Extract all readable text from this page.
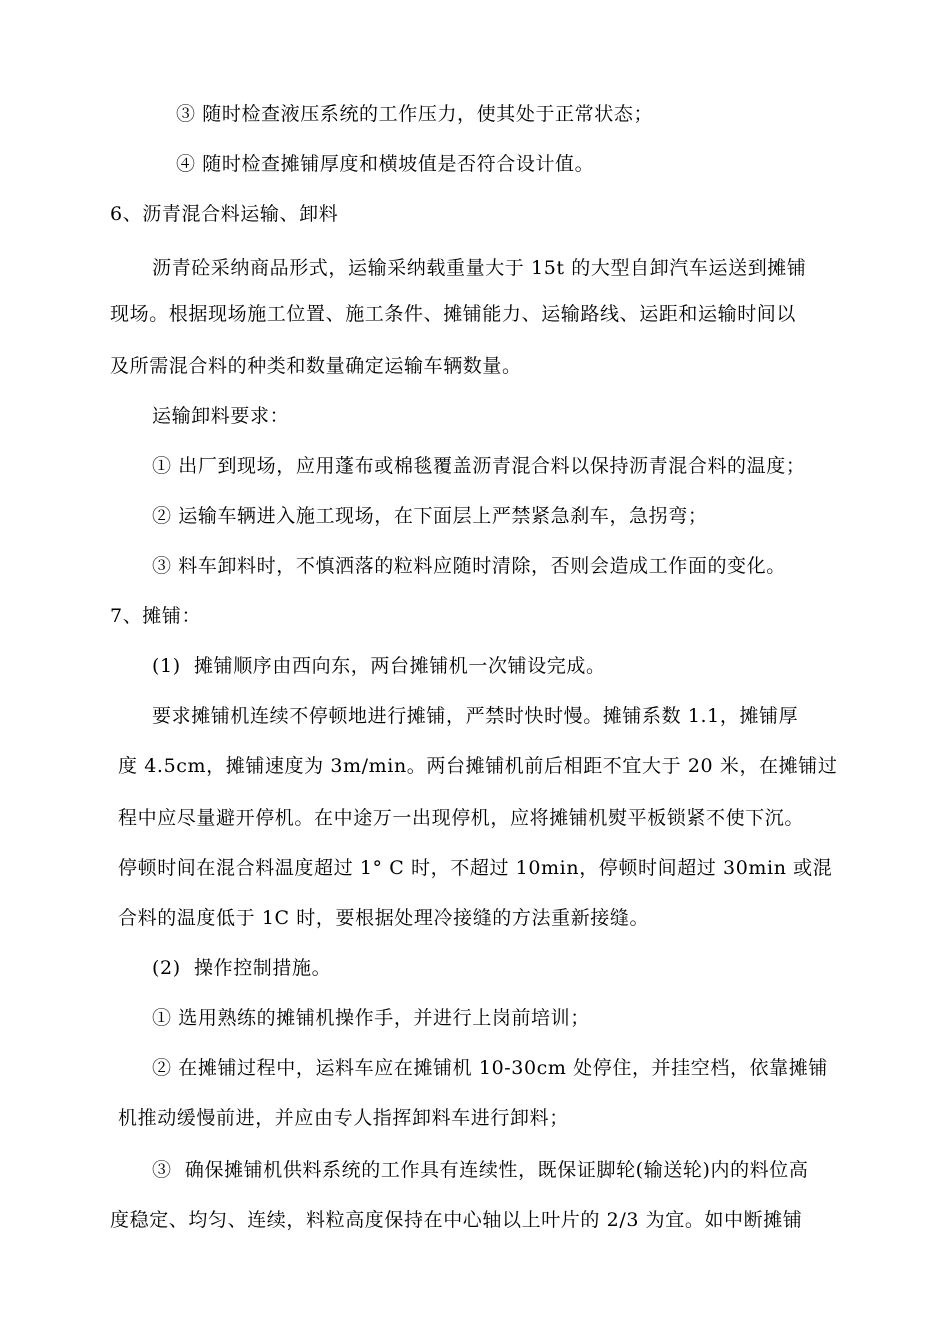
③ 随时检查液压系统的工作压力，使其处于正常状态；
④ 随时检查摊铺厚度和横坡值是否符合设计值。
6、沥青混合料运输、卸料
沥青砼采纳商品形式，运输采纳载重量大于 15t 的大型自卸汽车运送到摊铺
现场。根据现场施工位置、施工条件、摊铺能力、运输路线、运距和运输时间以
及所需混合料的种类和数量确定运输车辆数量。
运输卸料要求：
① 出厂到现场，应用蓬布或棉毯覆盖沥青混合料以保持沥青混合料的温度；
② 运输车辆进入施工现场，在下面层上严禁紧急刹车，急拐弯；
③ 料车卸料时，不慎洒落的粒料应随时清除，否则会造成工作面的变化。
7、摊铺：
(1)  摊铺顺序由西向东，两台摊铺机一次铺设完成。
要求摊铺机连续不停顿地进行摊铺，严禁时快时慢。摊铺系数 1.1，摊铺厚
度 4.5cm，摊铺速度为 3m/min。两台摊铺机前后相距不宜大于 20 米，在摊铺过
程中应尽量避开停机。在中途万一出现停机，应将摊铺机熨平板锁紧不使下沉。
停顿时间在混合料温度超过 1° C 时，不超过 10min，停顿时间超过 30min 或混
合料的温度低于 1C 时，要根据处理冷接缝的方法重新接缝。
(2)  操作控制措施。
① 选用熟练的摊铺机操作手，并进行上岗前培训；
② 在摊铺过程中，运料车应在摊铺机 10-30cm 处停住，并挂空档，依靠摊铺
机推动缓慢前进，并应由专人指挥卸料车进行卸料；
③  确保摊铺机供料系统的工作具有连续性，既保证脚轮(输送轮)内的料位高
度稳定、均匀、连续，料粒高度保持在中心轴以上叶片的 2/3 为宜。如中断摊铺
